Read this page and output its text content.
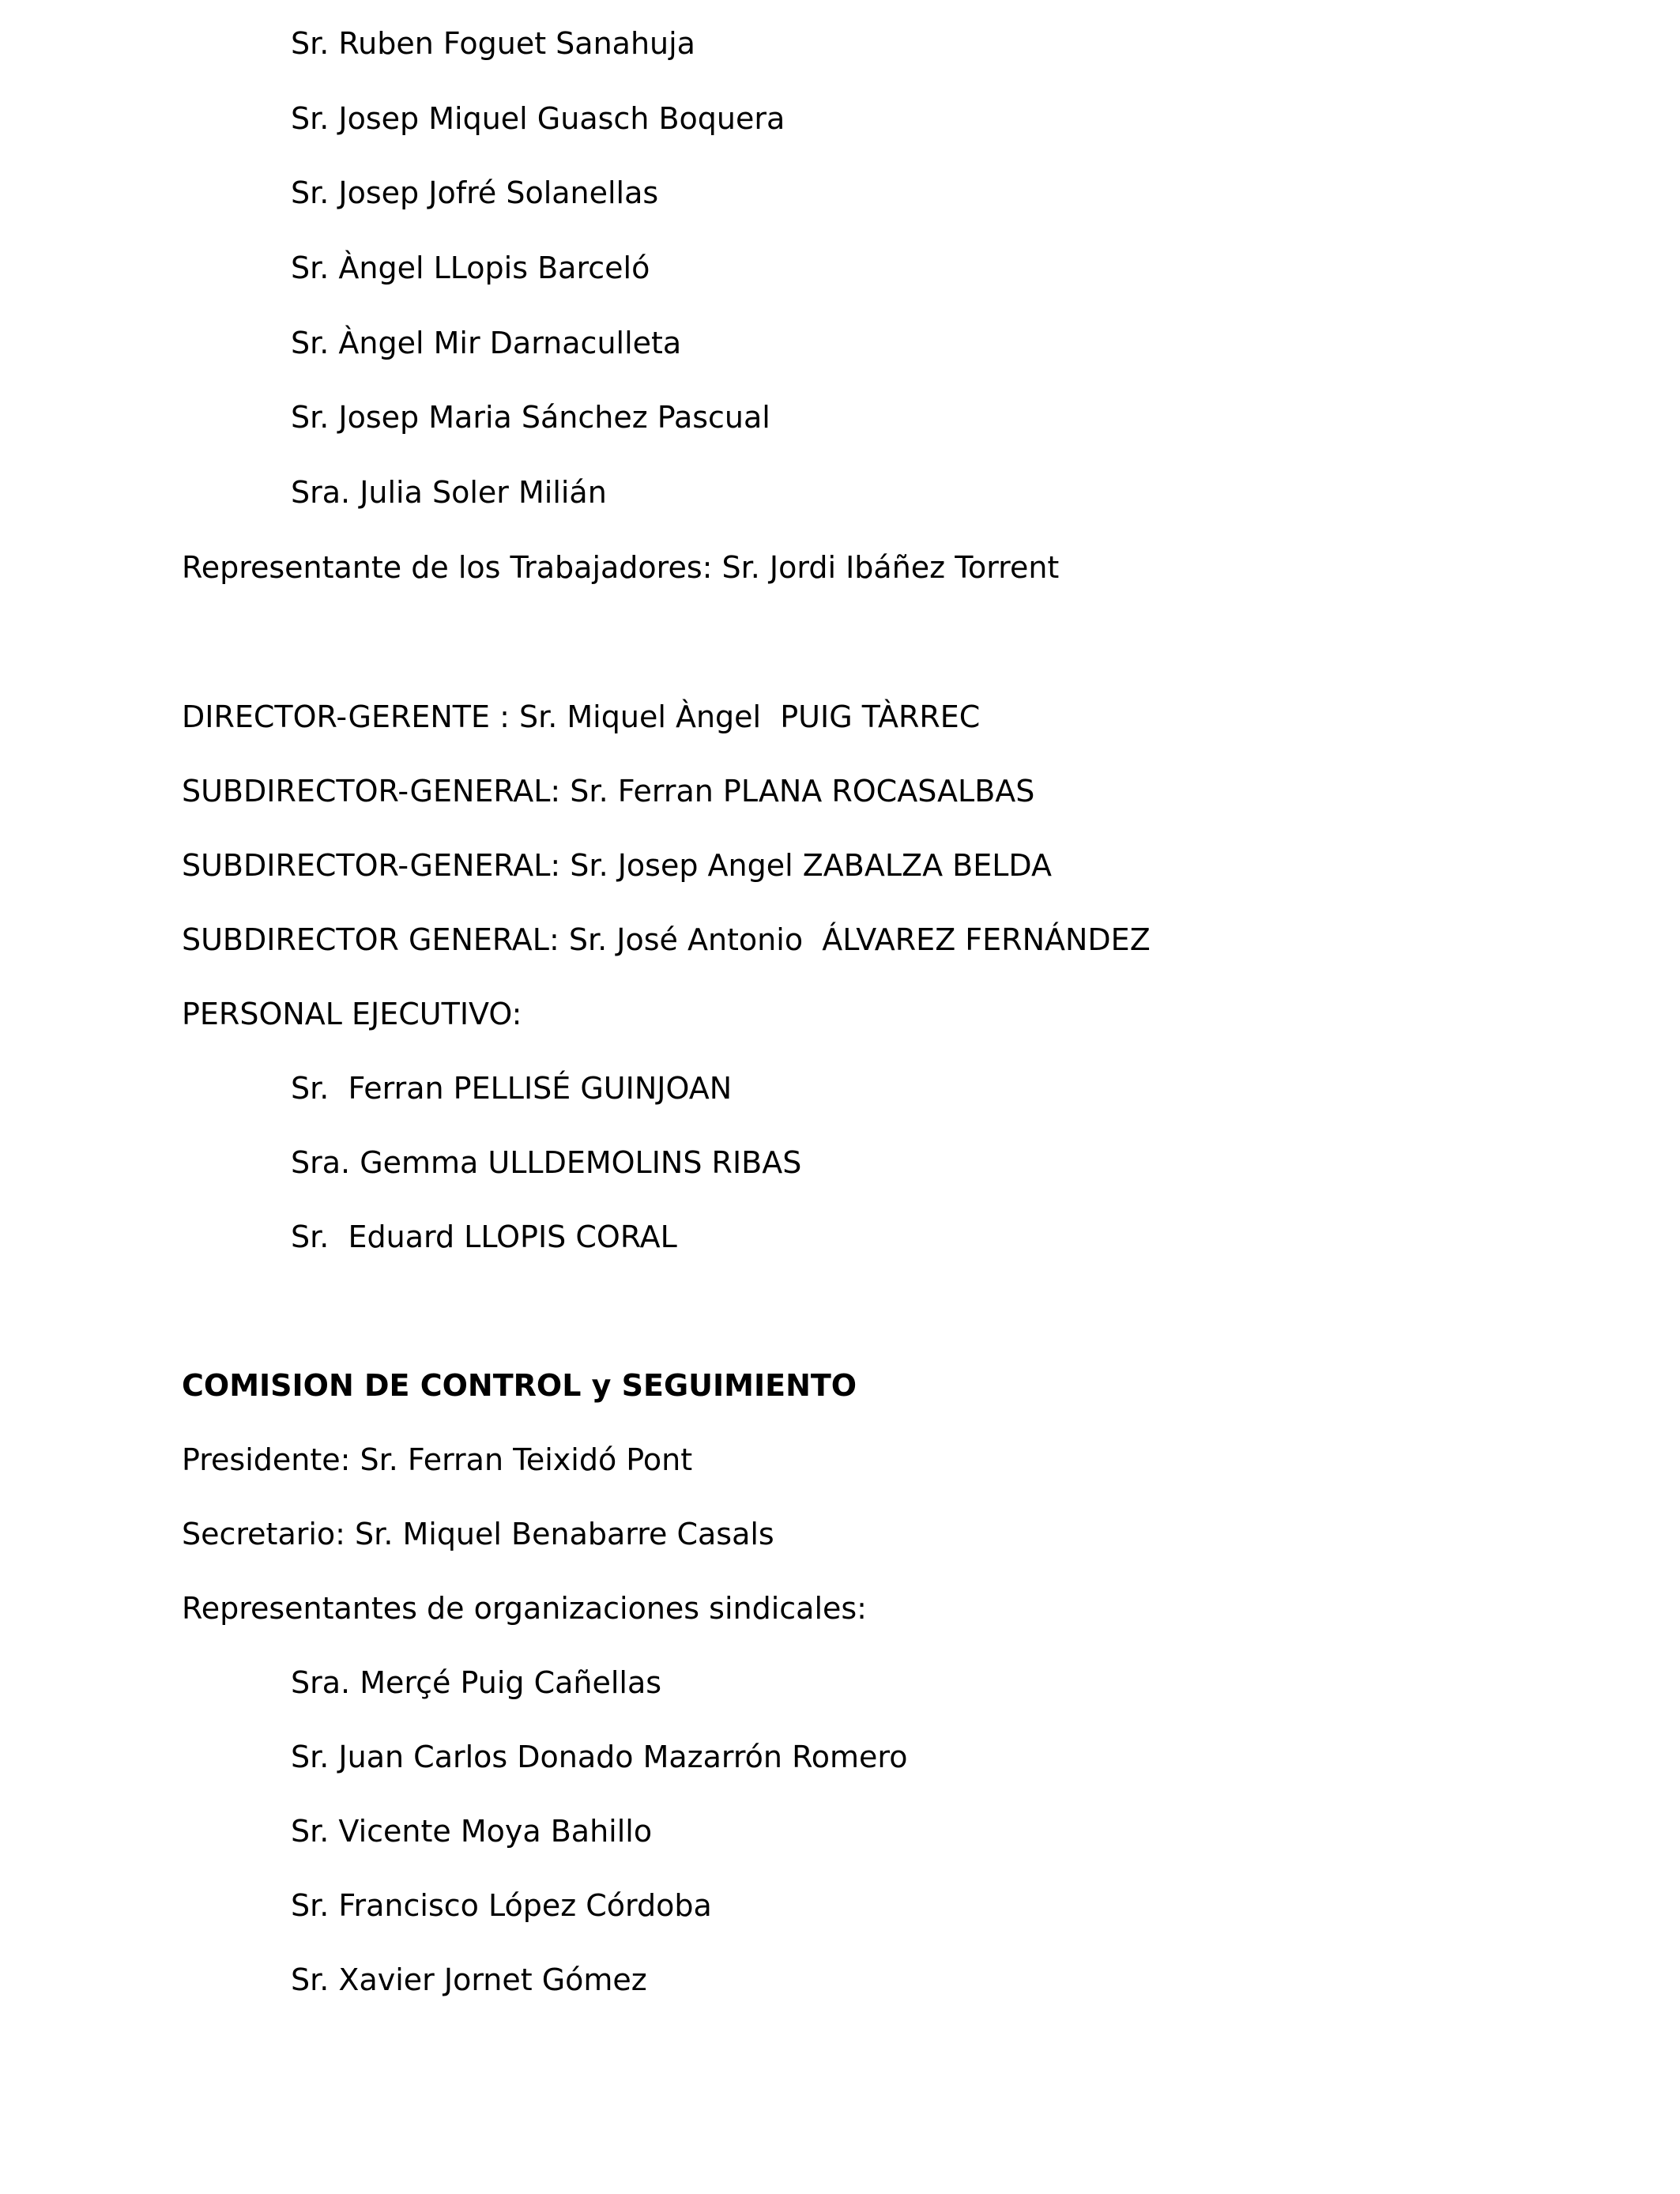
Sr. Ruben Foguet Sanahuja
Sr. Josep Miquel Guasch Boquera
Sr. Josep Jofré Solanellas
Sr. Àngel LLopis Barceló
Sr. Àngel Mir Darnaculleta
Sr. Josep Maria Sánchez Pascual
Sra. Julia Soler Milián
Representante de los Trabajadores: Sr. Jordi Ibáñez Torrent
DIRECTOR-GERENTE : Sr. Miquel Àngel  PUIG TÀRREC
SUBDIRECTOR-GENERAL: Sr. Ferran PLANA ROCASALBAS
SUBDIRECTOR-GENERAL: Sr. Josep Angel ZABALZA BELDA
SUBDIRECTOR GENERAL: Sr. José Antonio  ÁLVAREZ FERNÁNDEZ
PERSONAL EJECUTIVO:
Sr.  Ferran PELLISÉ GUINJOAN
Sra. Gemma ULLDEMOLINS RIBAS
Sr.  Eduard LLOPIS CORAL
COMISION DE CONTROL y SEGUIMIENTO
Presidente: Sr. Ferran Teixidó Pont
Secretario: Sr. Miquel Benabarre Casals
Representantes de organizaciones sindicales:
Sra. Merçé Puig Cañellas
Sr. Juan Carlos Donado Mazarrón Romero
Sr. Vicente Moya Bahillo
Sr. Francisco López Córdoba
Sr. Xavier Jornet Gómez
